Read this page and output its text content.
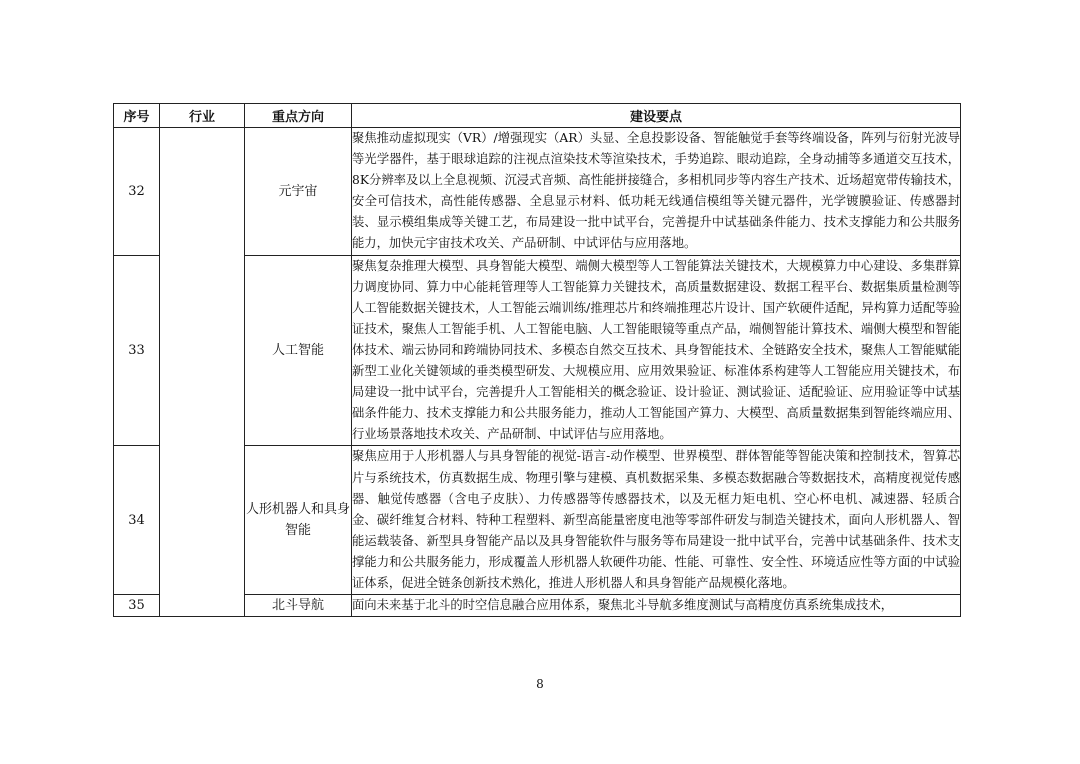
序号	行业	重点方向	建设要点
32		元宇宙	聚焦推动虚拟现实（VR）/增强现实（AR）头显、全息投影设备、智能触觉手套等终端设备，阵列与衍射光波导等光学器件，基于眼球追踪的注视点渲染技术等渲染技术，手势追踪、眼动追踪，全身动捕等多通道交互技术，8K分辨率及以上全息视频、沉浸式音频、高性能拼接缝合，多相机同步等内容生产技术、近场超宽带传输技术，安全可信技术，高性能传感器、全息显示材料、低功耗无线通信模组等关键元器件，光学镀膜验证、传感器封装、显示模组集成等关键工艺，布局建设一批中试平台，完善提升中试基础条件能力、技术支撑能力和公共服务能力，加快元宇宙技术攻关、产品研制、中试评估与应用落地。
33		人工智能	聚焦复杂推理大模型、具身智能大模型、端侧大模型等人工智能算法关键技术，大规模算力中心建设、多集群算力调度协同、算力中心能耗管理等人工智能算力关键技术，高质量数据建设、数据工程平台、数据集质量检测等人工智能数据关键技术，人工智能云端训练/推理芯片和终端推理芯片设计、国产软硬件适配，异构算力适配等验证技术，聚焦人工智能手机、人工智能电脑、人工智能眼镜等重点产品，端侧智能计算技术、端侧大模型和智能体技术、端云协同和跨端协同技术、多模态自然交互技术、具身智能技术、全链路安全技术，聚焦人工智能赋能新型工业化关键领域的垂类模型研发、大规模应用、应用效果验证、标准体系构建等人工智能应用关键技术，布局建设一批中试平台，完善提升人工智能相关的概念验证、设计验证、测试验证、适配验证、应用验证等中试基础条件能力、技术支撑能力和公共服务能力，推动人工智能国产算力、大模型、高质量数据集到智能终端应用、行业场景落地技术攻关、产品研制、中试评估与应用落地。
34		人形机器人和具身智能	聚焦应用于人形机器人与具身智能的视觉-语言-动作模型、世界模型、群体智能等智能决策和控制技术，智算芯片与系统技术，仿真数据生成、物理引擎与建模、真机数据采集、多模态数据融合等数据技术，高精度视觉传感器、触觉传感器（含电子皮肤）、力传感器等传感器技术，以及无框力矩电机、空心杯电机、减速器、轻质合金、碳纤维复合材料、特种工程塑料、新型高能量密度电池等零部件研发与制造关键技术，面向人形机器人、智能运载装备、新型具身智能产品以及具身智能软件与服务等布局建设一批中试平台，完善中试基础条件、技术支撑能力和公共服务能力，形成覆盖人形机器人软硬件功能、性能、可靠性、安全性、环境适应性等方面的中试验证体系，促进全链条创新技术熟化，推进人形机器人和具身智能产品规模化落地。
35		北斗导航	面向未来基于北斗的时空信息融合应用体系，聚焦北斗导航多维度测试与高精度仿真系统集成技术，
8
